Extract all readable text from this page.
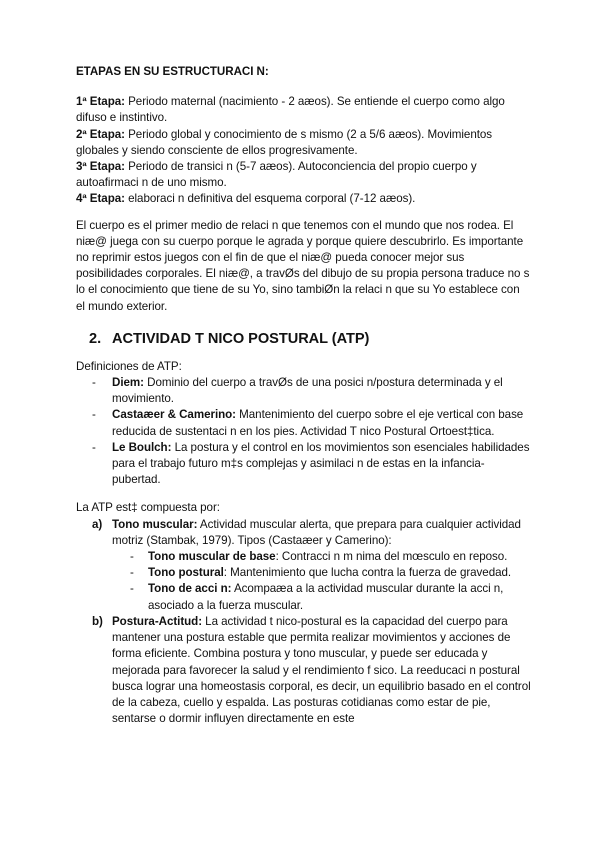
ETAPAS EN SU ESTRUCTURACI N:

1ª Etapa: Periodo maternal (nacimiento - 2 aæos). Se entiende el cuerpo como algo difuso e instintivo.

2ª Etapa: Periodo global y conocimiento de s mismo (2 a 5/6 aæos). Movimientos globales y siendo consciente de ellos progresivamente.

3ª Etapa: Periodo de transici n (5-7 aæos). Autoconciencia del propio cuerpo y autoafirmaci n de uno mismo.

4ª Etapa: elaboraci n definitiva del esquema corporal (7-12 aæos).

El cuerpo es el primer medio de relaci n que tenemos con el mundo que nos rodea. El niæ@ juega con su cuerpo porque le agrada y porque quiere descubrirlo. Es importante no reprimir estos juegos con el fin de que el niæ@ pueda conocer mejor sus posibilidades corporales. El niæ@, a travØs del dibujo de su propia persona traduce no s lo el conocimiento que tiene de su Yo, sino tambiØn la relaci n que su Yo establece con el mundo exterior.

2. ACTIVIDAD T NICO POSTURAL (ATP)

Definiciones de ATP:

- Diem: Dominio del cuerpo a travØs de una posici n/postura determinada y el movimiento.
- Castaæer & Camerino: Mantenimiento del cuerpo sobre el eje vertical con base reducida de sustentaci n en los pies. Actividad T nico Postural Ortoest‡tica.
- Le Boulch: La postura y el control en los movimientos son esenciales habilidades para el trabajo futuro m‡s complejas y asimilaci n de estas en la infancia-pubertad.

La ATP est‡ compuesta por:

a) Tono muscular: Actividad muscular alerta, que prepara para cualquier actividad motriz (Stambak, 1979). Tipos (Castaæer y Camerino):
- Tono muscular de base: Contracci n m nima del mœsculo en reposo.
- Tono postural: Mantenimiento que lucha contra la fuerza de gravedad.
- Tono de acci n: Acompaæa a la actividad muscular durante la acci n, asociado a la fuerza muscular.
b) Postura-Actitud: La actividad t nico-postural es la capacidad del cuerpo para mantener una postura estable que permita realizar movimientos y acciones de forma eficiente. Combina postura y tono muscular, y puede ser educada y mejorada para favorecer la salud y el rendimiento f sico. La reeducaci n postural busca lograr una homeostasis corporal, es decir, un equilibrio basado en el control de la cabeza, cuello y espalda. Las posturas cotidianas como estar de pie, sentarse o dormir influyen directamente en este
